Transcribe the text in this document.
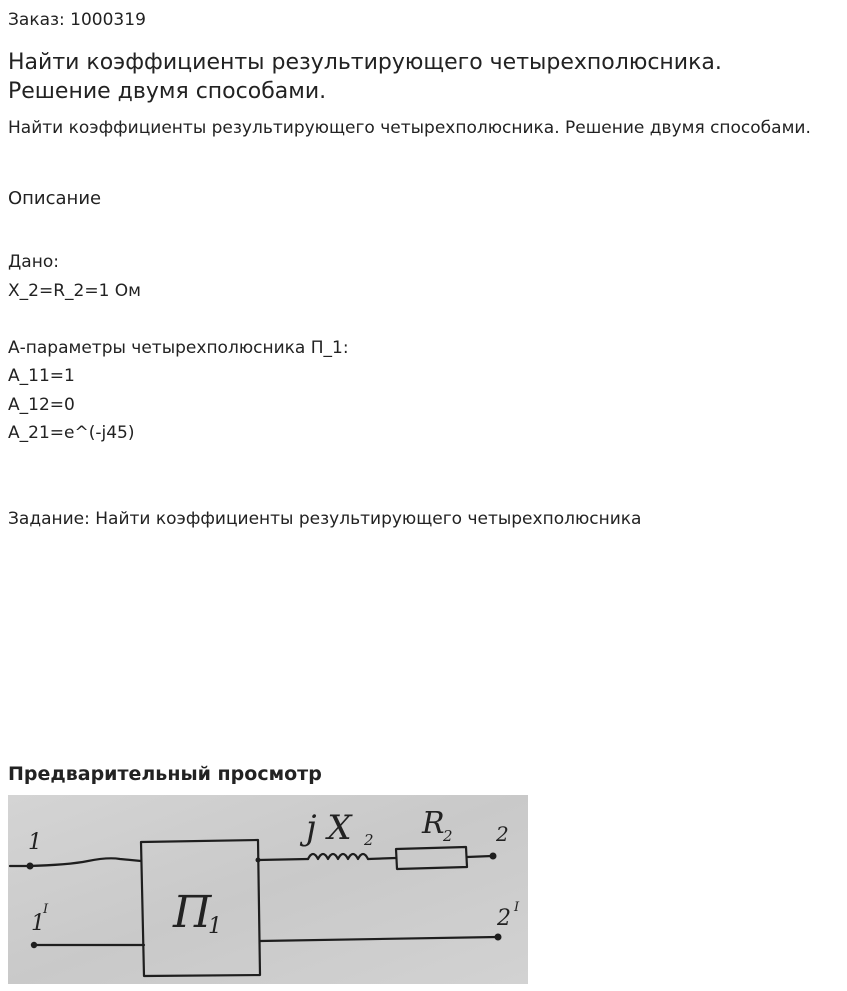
Заказ: 1000319
Найти коэффициенты результирующего четырехполюсника.
Решение двумя способами.

Найти коэффициенты результирующего четырехполюсника. Решение двумя способами.

Описание
Дано:
X_2=R_2=1 Ом
А-параметры четырехполюсника П_1:
A_11=1
A_12=0
A_21=e^(-j45)
Задание: Найти коэффициенты результирующего четырехполюсника
Предварительный просмотр
1
1
I
2
2 I
П
1
j X 2 R
2
